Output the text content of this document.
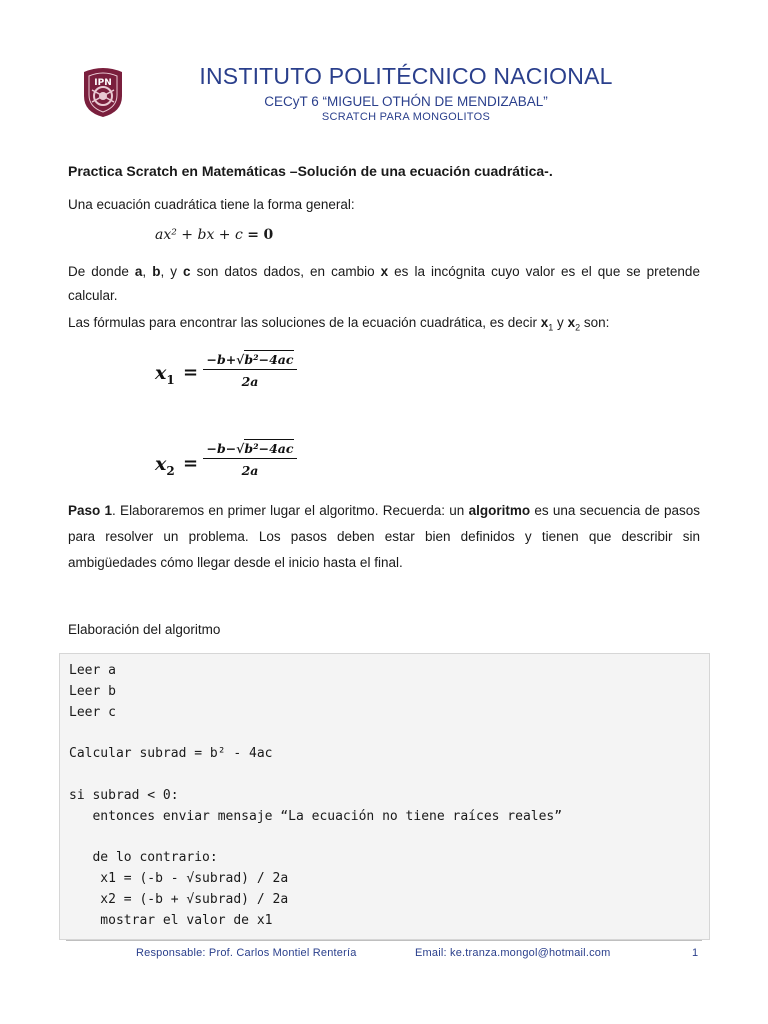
IPN	INSTITUTO POLITÉCNICO NACIONAL
CECyT 6 “MIGUEL OTHÓN DE MENDIZABAL”
SCRATCH PARA MONGOLITOS
Practica Scratch en Matemáticas –Solución de una ecuación cuadrática-.
Una ecuación cuadrática tiene la forma general:
ax² + bx + c = 0
De donde a, b, y c son datos dados, en cambio x es la incógnita cuyo valor es el que se pretende calcular.
Las fórmulas para encontrar las soluciones de la ecuación cuadrática, es decir $x_1$ y $x_2$ son:
$x_1 = \frac{\text{−b+√b²−4ac}}{2a}$
$x_2 = \frac{\text{−b−√b²−4ac}}{2a}$
Paso 1. Elaboraremos en primer lugar el algoritmo. Recuerda: un algoritmo es una secuencia de pasos para resolver un problema. Los pasos deben estar bien definidos y tienen que describir sin ambigüedades cómo llegar desde el inicio hasta el final.
Elaboración del algoritmo
Leer a
Leer b
Leer c
Calcular subrad = b² - 4ac
si subrad < 0:
entonces enviar mensaje “La ecuación no tiene raíces reales”
de lo contrario:
x1 = (-b - √subrad) / 2a
x2 = (-b + √subrad) / 2a
mostrar el valor de x1
Responsable: Prof. Carlos Montiel Rentería	Email: ke.tranza.mongol@hotmail.com	1
